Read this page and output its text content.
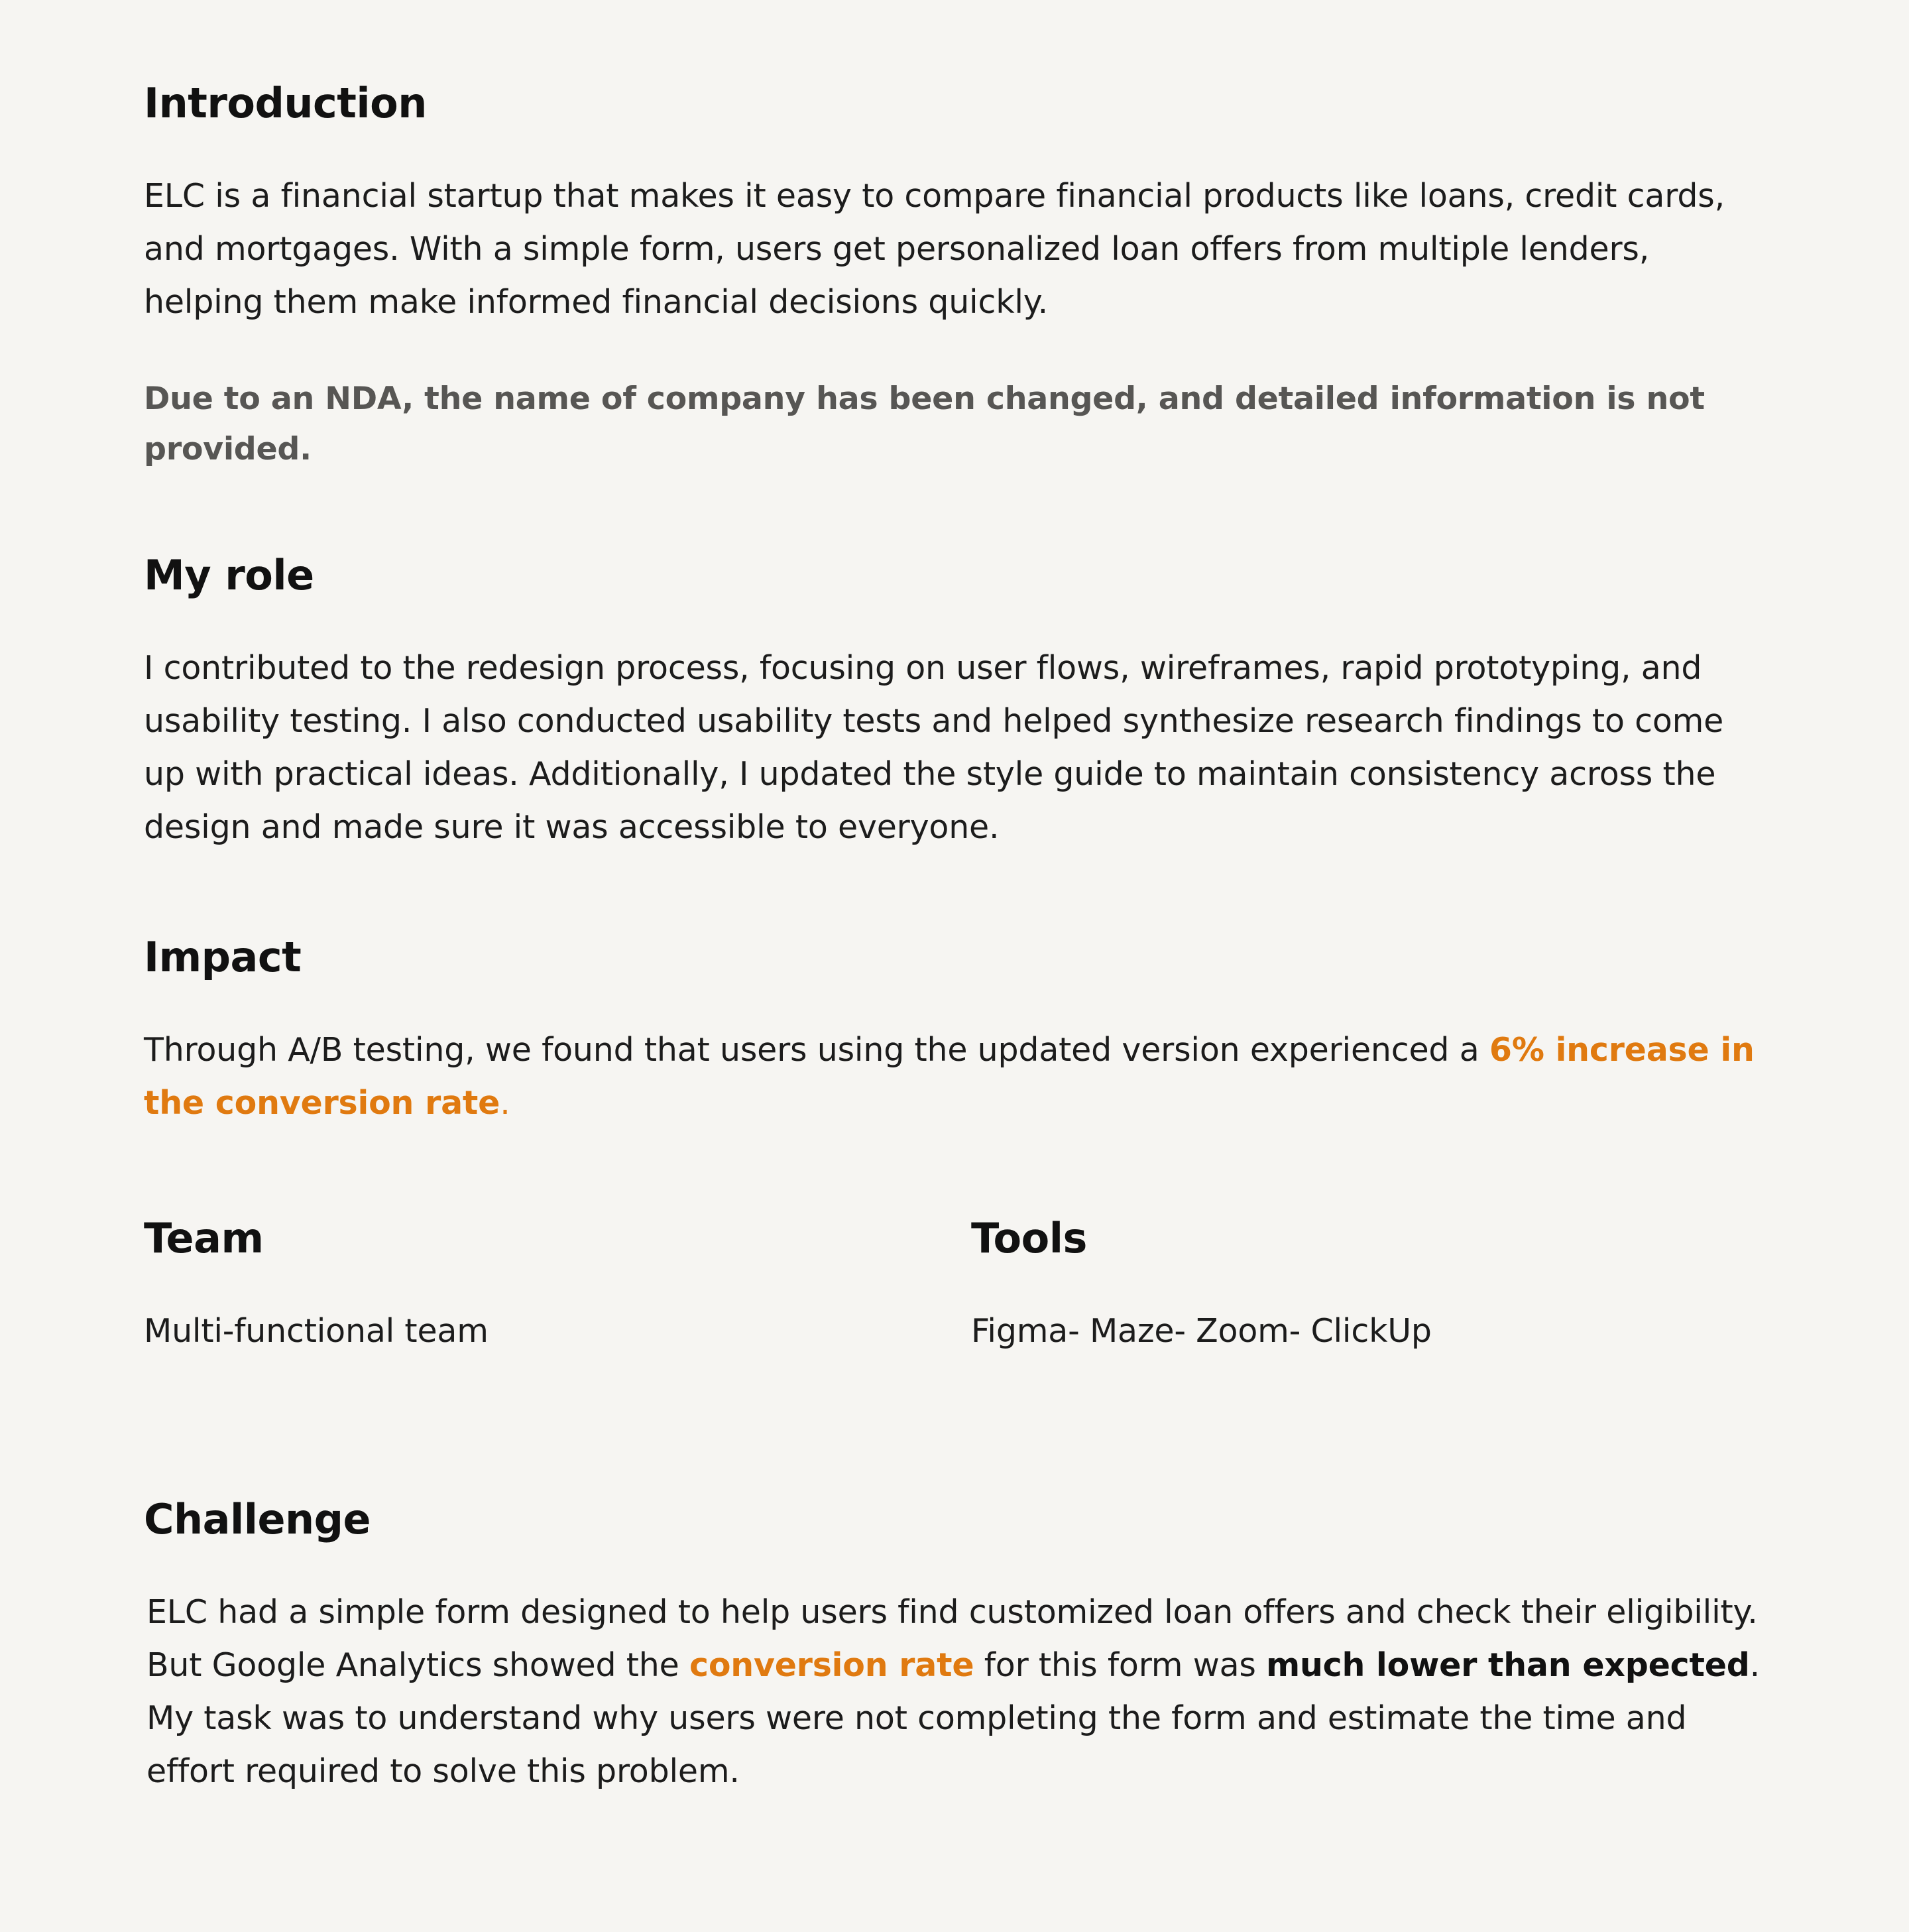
Introduction

ELC is a financial startup that makes it easy to compare financial products like loans, credit cards, and mortgages. With a simple form, users get personalized loan offers from multiple lenders, helping them make informed financial decisions quickly.

Due to an NDA, the name of company has been changed, and detailed information is not provided.

My role

I contributed to the redesign process, focusing on user flows, wireframes, rapid prototyping, and usability testing. I also conducted usability tests and helped synthesize research findings to come up with practical ideas. Additionally, I updated the style guide to maintain consistency across the design and made sure it was accessible to everyone.

Impact

Through A/B testing, we found that users using the updated version experienced a 6% increase in the conversion rate.

Team

Multi-functional team

Tools

Figma- Maze- Zoom- ClickUp

Challenge

ELC had a simple form designed to help users find customized loan offers and check their eligibility. But Google Analytics showed the conversion rate for this form was much lower than expected. My task was to understand why users were not completing the form and estimate the time and effort required to solve this problem.
